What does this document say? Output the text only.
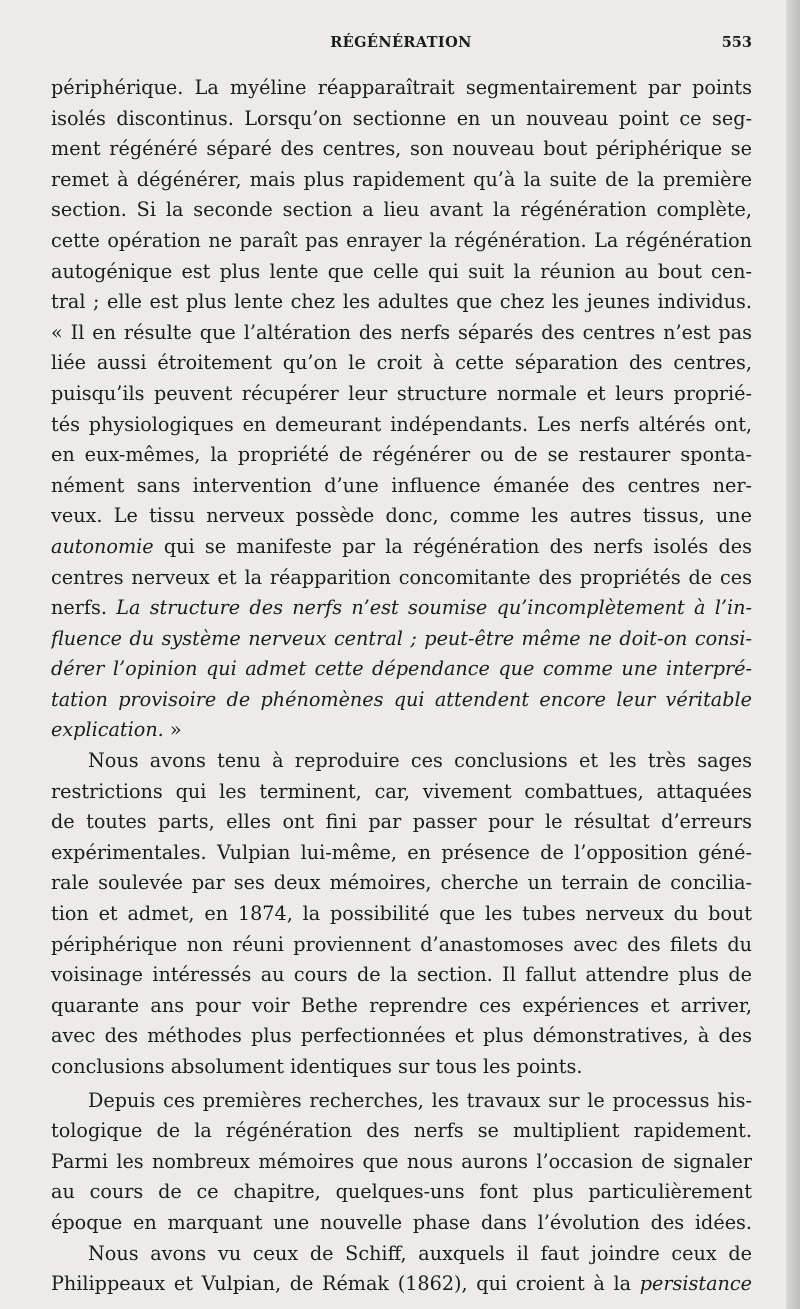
RÉGÉNÉRATION	553
périphérique. La myéline réapparaîtrait segmentairement par points
isolés discontinus. Lorsqu’on sectionne en un nouveau point ce seg-
ment régénéré séparé des centres, son nouveau bout périphérique se
remet à dégénérer, mais plus rapidement qu’à la suite de la première
section. Si la seconde section a lieu avant la régénération complète,
cette opération ne paraît pas enrayer la régénération. La régénération
autogénique est plus lente que celle qui suit la réunion au bout cen-
tral ; elle est plus lente chez les adultes que chez les jeunes individus.
« Il en résulte que l’altération des nerfs séparés des centres n’est pas
liée aussi étroitement qu’on le croit à cette séparation des centres,
puisqu’ils peuvent récupérer leur structure normale et leurs proprié-
tés physiologiques en demeurant indépendants. Les nerfs altérés ont,
en eux-mêmes, la propriété de régénérer ou de se restaurer sponta-
nément sans intervention d’une influence émanée des centres ner-
veux. Le tissu nerveux possède donc, comme les autres tissus, une
autonomie qui se manifeste par la régénération des nerfs isolés des
centres nerveux et la réapparition concomitante des propriétés de ces
nerfs. La structure des nerfs n’est soumise qu’incomplètement à l’in-
fluence du système nerveux central ; peut-être même ne doit-on consi-
dérer l’opinion qui admet cette dépendance que comme une interpré-
tation provisoire de phénomènes qui attendent encore leur véritable
explication. »
Nous avons tenu à reproduire ces conclusions et les très sages
restrictions qui les terminent, car, vivement combattues, attaquées
de toutes parts, elles ont fini par passer pour le résultat d’erreurs
expérimentales. Vulpian lui-même, en présence de l’opposition géné-
rale soulevée par ses deux mémoires, cherche un terrain de concilia-
tion et admet, en 1874, la possibilité que les tubes nerveux du bout
périphérique non réuni proviennent d’anastomoses avec des filets du
voisinage intéressés au cours de la section. Il fallut attendre plus de
quarante ans pour voir Bethe reprendre ces expériences et arriver,
avec des méthodes plus perfectionnées et plus démonstratives, à des
conclusions absolument identiques sur tous les points.
Depuis ces premières recherches, les travaux sur le processus his-
tologique de la régénération des nerfs se multiplient rapidement.
Parmi les nombreux mémoires que nous aurons l’occasion de signaler
au cours de ce chapitre, quelques-uns font plus particulièrement
époque en marquant une nouvelle phase dans l’évolution des idées.
Nous avons vu ceux de Schiff, auxquels il faut joindre ceux de
Philippeaux et Vulpian, de Rémak (1862), qui croient à la persistance
